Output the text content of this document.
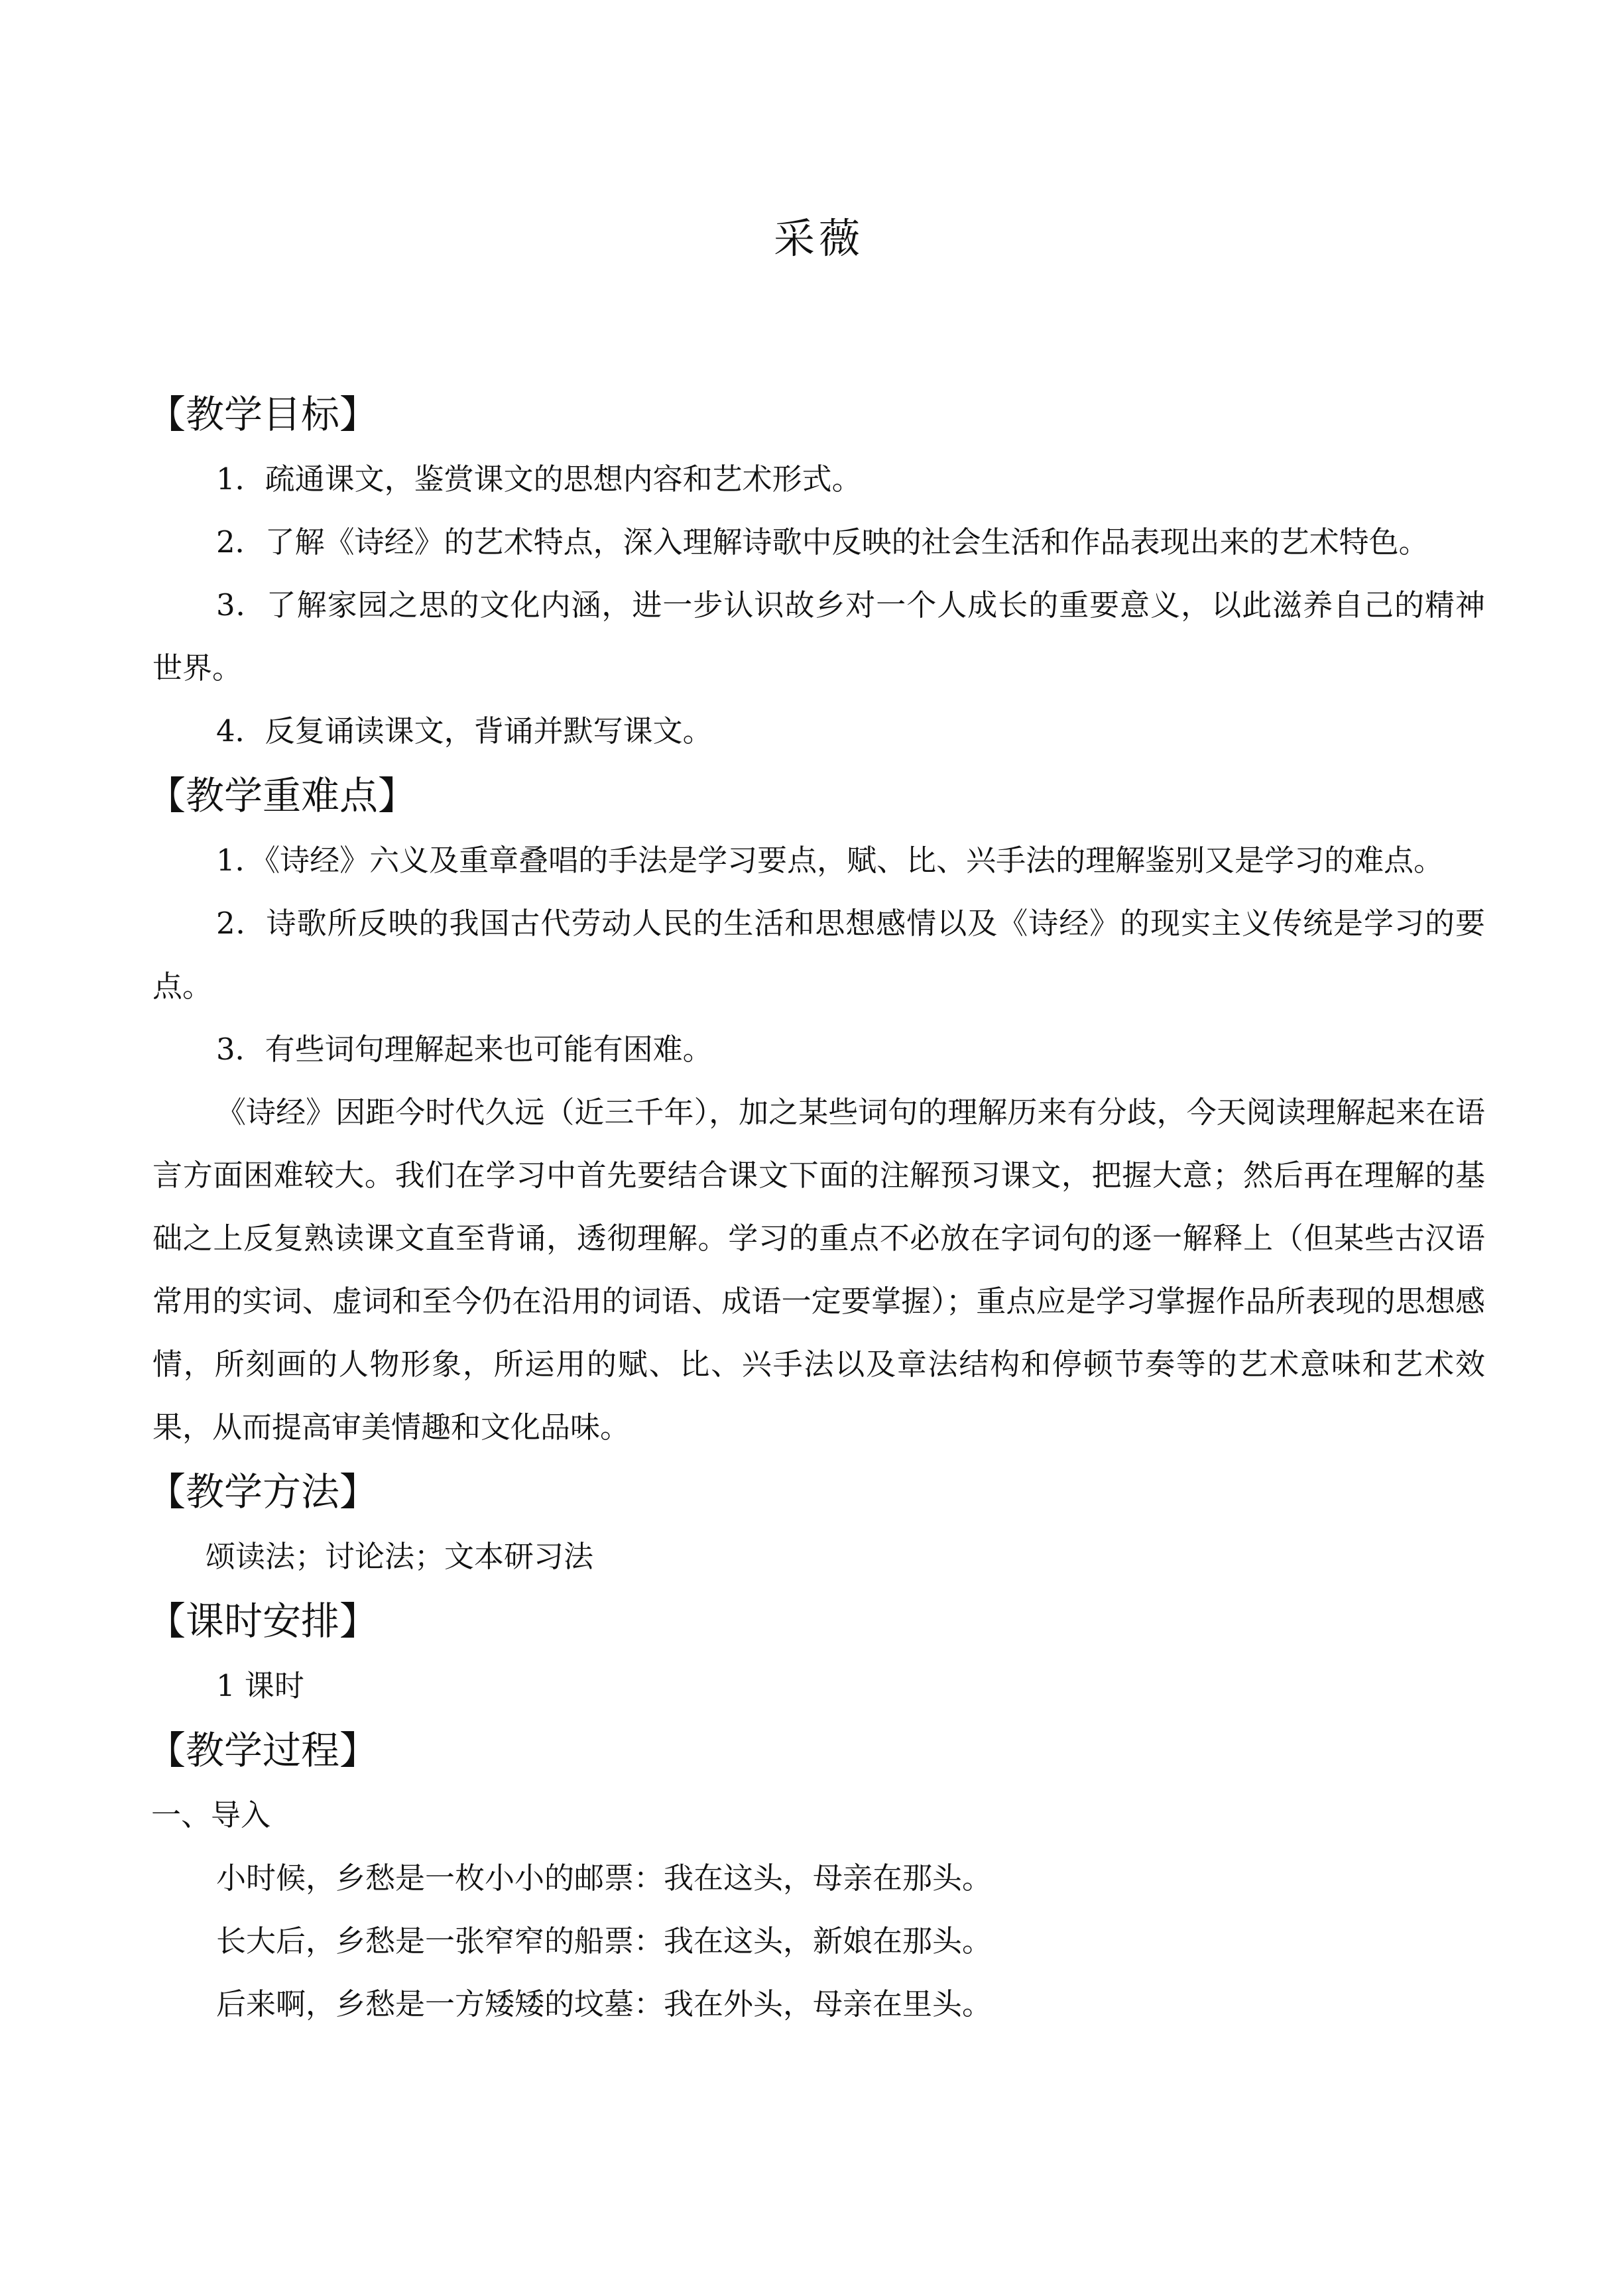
采薇
【教学目标】

1．疏通课文，鉴赏课文的思想内容和艺术形式。

2．了解《诗经》的艺术特点，深入理解诗歌中反映的社会生活和作品表现出来的艺术特色。

3．了解家园之思的文化内涵，进一步认识故乡对一个人成长的重要意义，以此滋养自己的精神世界。

4．反复诵读课文，背诵并默写课文。

【教学重难点】

1．《诗经》六义及重章叠唱的手法是学习要点，赋、比、兴手法的理解鉴别又是学习的难点。

2．诗歌所反映的我国古代劳动人民的生活和思想感情以及《诗经》的现实主义传统是学习的要点。

3．有些词句理解起来也可能有困难。

《诗经》因距今时代久远（近三千年），加之某些词句的理解历来有分歧，今天阅读理解起来在语言方面困难较大。我们在学习中首先要结合课文下面的注解预习课文，把握大意；然后再在理解的基础之上反复熟读课文直至背诵，透彻理解。学习的重点不必放在字词句的逐一解释上（但某些古汉语常用的实词、虚词和至今仍在沿用的词语、成语一定要掌握）；重点应是学习掌握作品所表现的思想感情，所刻画的人物形象，所运用的赋、比、兴手法以及章法结构和停顿节奏等的艺术意味和艺术效果，从而提高审美情趣和文化品味。

【教学方法】

颂读法；讨论法；文本研习法

【课时安排】

1 课时

【教学过程】
一、导入

小时候，乡愁是一枚小小的邮票：我在这头，母亲在那头。

长大后，乡愁是一张窄窄的船票：我在这头，新娘在那头。

后来啊，乡愁是一方矮矮的坟墓：我在外头，母亲在里头。
